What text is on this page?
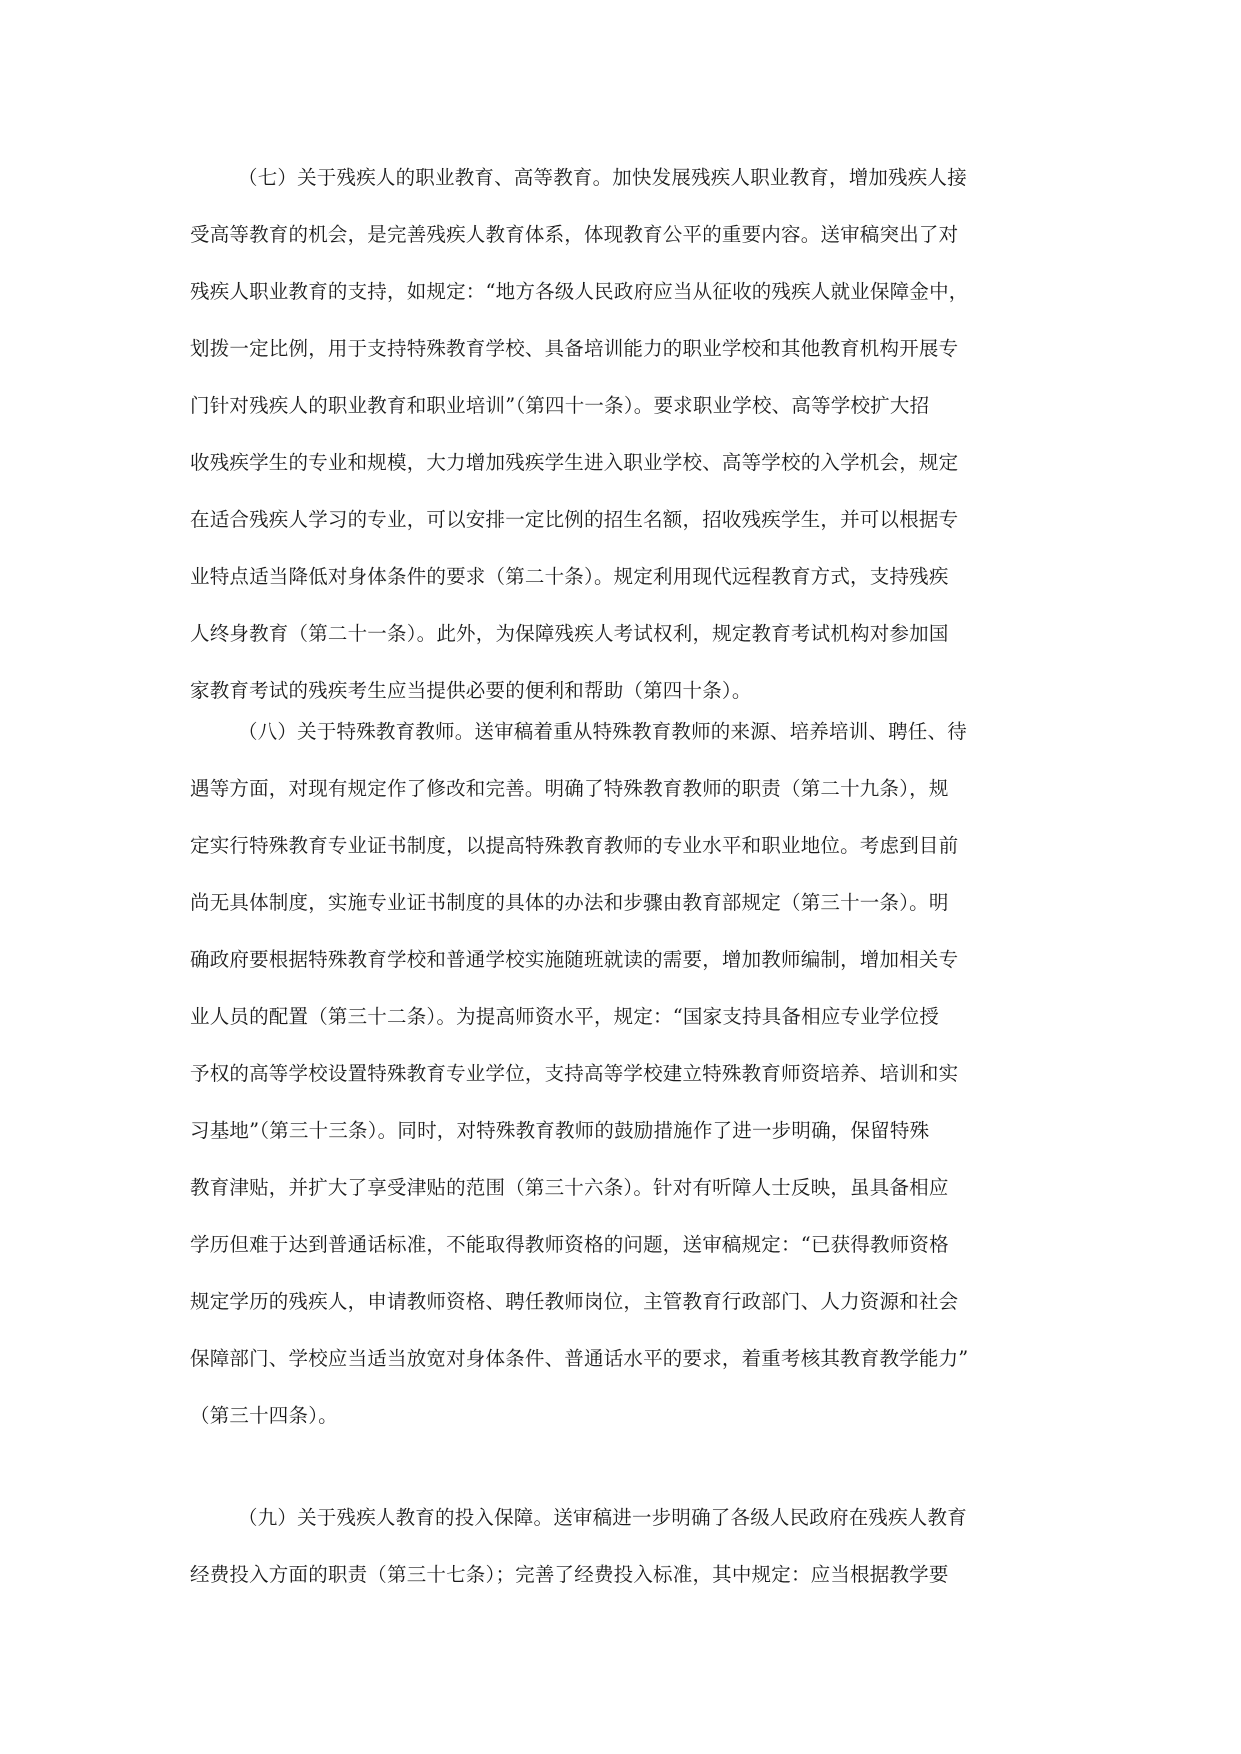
（七）关于残疾人的职业教育、高等教育。加快发展残疾人职业教育，增加残疾人接
受高等教育的机会，是完善残疾人教育体系，体现教育公平的重要内容。送审稿突出了对
残疾人职业教育的支持，如规定：“地方各级人民政府应当从征收的残疾人就业保障金中，
划拨一定比例，用于支持特殊教育学校、具备培训能力的职业学校和其他教育机构开展专
门针对残疾人的职业教育和职业培训”（第四十一条）。要求职业学校、高等学校扩大招
收残疾学生的专业和规模，大力增加残疾学生进入职业学校、高等学校的入学机会，规定
在适合残疾人学习的专业，可以安排一定比例的招生名额，招收残疾学生，并可以根据专
业特点适当降低对身体条件的要求（第二十条）。规定利用现代远程教育方式，支持残疾
人终身教育（第二十一条）。此外，为保障残疾人考试权利，规定教育考试机构对参加国
家教育考试的残疾考生应当提供必要的便利和帮助（第四十条）。
（八）关于特殊教育教师。送审稿着重从特殊教育教师的来源、培养培训、聘任、待
遇等方面，对现有规定作了修改和完善。明确了特殊教育教师的职责（第二十九条），规
定实行特殊教育专业证书制度，以提高特殊教育教师的专业水平和职业地位。考虑到目前
尚无具体制度，实施专业证书制度的具体的办法和步骤由教育部规定（第三十一条）。明
确政府要根据特殊教育学校和普通学校实施随班就读的需要，增加教师编制，增加相关专
业人员的配置（第三十二条）。为提高师资水平，规定：“国家支持具备相应专业学位授
予权的高等学校设置特殊教育专业学位，支持高等学校建立特殊教育师资培养、培训和实
习基地”（第三十三条）。同时，对特殊教育教师的鼓励措施作了进一步明确，保留特殊
教育津贴，并扩大了享受津贴的范围（第三十六条）。针对有听障人士反映，虽具备相应
学历但难于达到普通话标准，不能取得教师资格的问题，送审稿规定：“已获得教师资格
规定学历的残疾人，申请教师资格、聘任教师岗位，主管教育行政部门、人力资源和社会
保障部门、学校应当适当放宽对身体条件、普通话水平的要求，着重考核其教育教学能力”
（第三十四条）。
（九）关于残疾人教育的投入保障。送审稿进一步明确了各级人民政府在残疾人教育
经费投入方面的职责（第三十七条）；完善了经费投入标准，其中规定：应当根据教学要
